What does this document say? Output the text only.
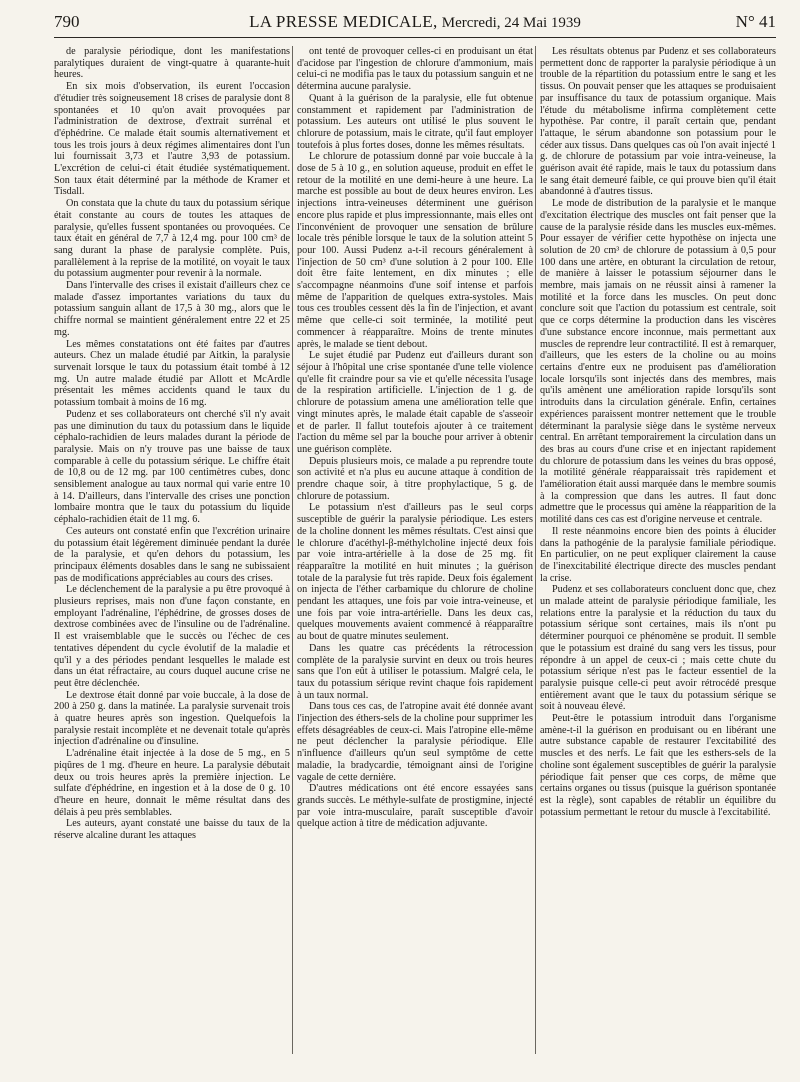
790	LA PRESSE MEDICALE, Mercredi, 24 Mai 1939	N° 41

de paralysie périodique, dont les manifestations paralytiques duraient de vingt-quatre à quarante-huit heures.

En six mois d'observation, ils eurent l'occasion d'étudier très soigneusement 18 crises de paralysie dont 8 spontanées et 10 qu'on avait provoquées par l'administration de dextrose, d'extrait surrénal et d'éphédrine. Ce malade était soumis alternativement et tous les trois jours à deux régimes alimentaires dont l'un lui fournissait 3,73 et l'autre 3,93 de potassium. L'excrétion de celui-ci était étudiée systématiquement. Son taux était déterminé par la méthode de Kramer et Tisdall.

On constata que la chute du taux du potassium sérique était constante au cours de toutes les attaques de paralysie, qu'elles fussent spontanées ou provoquées. Ce taux était en général de 7,7 à 12,4 mg. pour 100 cm³ de sang durant la phase de paralysie complète. Puis, parallèlement à la reprise de la motilité, on voyait le taux du potassium augmenter pour revenir à la normale.

Dans l'intervalle des crises il existait d'ailleurs chez ce malade d'assez importantes variations du taux du potassium sanguin allant de 17,5 à 30 mg., alors que le chiffre normal se maintient généralement entre 22 et 25 mg.

Les mêmes constatations ont été faites par d'autres auteurs. Chez un malade étudié par Aitkin, la paralysie survenait lorsque le taux du potassium était tombé à 12 mg. Un autre malade étudié par Allott et McArdle présentait les mêmes accidents quand le taux du potassium tombait à moins de 16 mg.

Pudenz et ses collaborateurs ont cherché s'il n'y avait pas une diminution du taux du potassium dans le liquide céphalo-rachidien de leurs malades durant la période de paralysie. Mais on n'y trouve pas une baisse de taux comparable à celle du potassium sérique. Le chiffre était de 10,8 ou de 12 mg. par 100 centimètres cubes, donc sensiblement analogue au taux normal qui varie entre 10 à 14. D'ailleurs, dans l'intervalle des crises une ponction lombaire montra que le taux du potassium du liquide céphalo-rachidien était de 11 mg. 6.

Ces auteurs ont constaté enfin que l'excrétion urinaire du potassium était légèrement diminuée pendant la durée de la paralysie, et qu'en dehors du potassium, les principaux éléments dosables dans le sang ne subissaient pas de modifications appréciables au cours des crises.

Le déclenchement de la paralysie a pu être provoqué à plusieurs reprises, mais non d'une façon constante, en employant l'adrénaline, l'éphédrine, de grosses doses de dextrose combinées avec de l'insuline ou de l'adrénaline. Il est vraisemblable que le succès ou l'échec de ces tentatives dépendent du cycle évolutif de la maladie et qu'il y a des périodes pendant lesquelles le malade est dans un état réfractaire, au cours duquel aucune crise ne peut être déclenchée.

Le dextrose était donné par voie buccale, à la dose de 200 à 250 g. dans la matinée. La paralysie survenait trois à quatre heures après son ingestion. Quelquefois la paralysie restait incomplète et ne devenait totale qu'après injection d'adrénaline ou d'insuline.

L'adrénaline était injectée à la dose de 5 mg., en 5 piqûres de 1 mg. d'heure en heure. La paralysie débutait deux ou trois heures après la première injection. Le sulfate d'éphédrine, en ingestion et à la dose de 0 g. 10 d'heure en heure, donnait le même résultat dans des délais à peu près semblables.

Les auteurs, ayant constaté une baisse du taux de la réserve alcaline durant les attaques

ont tenté de provoquer celles-ci en produisant un état d'acidose par l'ingestion de chlorure d'ammonium, mais celui-ci ne modifia pas le taux du potassium sanguin et ne détermina aucune paralysie.

Quant à la guérison de la paralysie, elle fut obtenue constamment et rapidement par l'administration de potassium. Les auteurs ont utilisé le plus souvent le chlorure de potassium, mais le citrate, qu'il faut employer toutefois à plus fortes doses, donne les mêmes résultats.

Le chlorure de potassium donné par voie buccale à la dose de 5 à 10 g., en solution aqueuse, produit en effet le retour de la motilité en une demi-heure à une heure. La marche est possible au bout de deux heures environ. Les injections intra-veineuses déterminent une guérison encore plus rapide et plus impressionnante, mais elles ont l'inconvénient de provoquer une sensation de brûlure locale très pénible lorsque le taux de la solution atteint 5 pour 100. Aussi Pudenz a-t-il recours généralement à l'injection de 50 cm³ d'une solution à 2 pour 100. Elle doit être faite lentement, en dix minutes ; elle s'accompagne néanmoins d'une soif intense et parfois même de l'apparition de quelques extra-systoles. Mais tous ces troubles cessent dès la fin de l'injection, et avant même que celle-ci soit terminée, la motilité peut commencer à réapparaître. Moins de trente minutes après, le malade se tient debout.

Le sujet étudié par Pudenz eut d'ailleurs durant son séjour à l'hôpital une crise spontanée d'une telle violence qu'elle fit craindre pour sa vie et qu'elle nécessita l'usage de la respiration artificielle. L'injection de 1 g. de chlorure de potassium amena une amélioration telle que vingt minutes après, le malade était capable de s'asseoir et de parler. Il fallut toutefois ajouter à ce traitement l'action du même sel par la bouche pour arriver à obtenir une guérison complète.

Depuis plusieurs mois, ce malade a pu reprendre toute son activité et n'a plus eu aucune attaque à condition de prendre chaque soir, à titre prophylactique, 5 g. de chlorure de potassium.

Le potassium n'est d'ailleurs pas le seul corps susceptible de guérir la paralysie périodique. Les esters de la choline donnent les mêmes résultats. C'est ainsi que le chlorure d'acéthyl-β-méthylcholine injecté deux fois par voie intra-artérielle à la dose de 25 mg. fit réapparaître la motilité en huit minutes ; la guérison totale de la paralysie fut très rapide. Deux fois également on injecta de l'éther carbamique du chlorure de choline pendant les attaques, une fois par voie intra-veineuse, et une fois par voie intra-artérielle. Dans les deux cas, quelques mouvements avaient commencé à réapparaître au bout de quatre minutes seulement.

Dans les quatre cas précédents la rétrocession complète de la paralysie survint en deux ou trois heures sans que l'on eût à utiliser le potassium. Malgré cela, le taux du potassium sérique revint chaque fois rapidement à un taux normal.

Dans tous ces cas, de l'atropine avait été donnée avant l'injection des éthers-sels de la choline pour supprimer les effets désagréables de ceux-ci. Mais l'atropine elle-même ne peut déclencher la paralysie périodique. Elle n'influence d'ailleurs qu'un seul symptôme de cette maladie, la bradycardie, témoignant ainsi de l'origine vagale de cette dernière.

D'autres médications ont été encore essayées sans grands succès. Le méthyle-sulfate de prostigmine, injecté par voie intra-musculaire, paraît susceptible d'avoir quelque action à titre de médication adjuvante.

Les résultats obtenus par Pudenz et ses collaborateurs permettent donc de rapporter la paralysie périodique à un trouble de la répartition du potassium entre le sang et les tissus. On pouvait penser que les attaques se produisaient par insuffisance du taux de potassium organique. Mais l'étude du métabolisme infirma complètement cette hypothèse. Par contre, il paraît certain que, pendant l'attaque, le sérum abandonne son potassium pour le céder aux tissus. Dans quelques cas où l'on avait injecté 1 g. de chlorure de potassium par voie intra-veineuse, la guérison avait été rapide, mais le taux du potassium dans le sang était demeuré faible, ce qui prouve bien qu'il était abandonné à d'autres tissus.

Le mode de distribution de la paralysie et le manque d'excitation électrique des muscles ont fait penser que la cause de la paralysie réside dans les muscles eux-mêmes. Pour essayer de vérifier cette hypothèse on injecta une solution de 20 cm³ de chlorure de potassium à 0,5 pour 100 dans une artère, en obturant la circulation de retour, de manière à laisser le potassium séjourner dans le membre, mais jamais on ne réussit ainsi à ramener la motilité et la force dans les muscles. On peut donc conclure soit que l'action du potassium est centrale, soit que ce corps détermine la production dans les viscères d'une substance encore inconnue, mais permettant aux muscles de reprendre leur contractilité. Il est à remarquer, d'ailleurs, que les esters de la choline ou au moins certains d'entre eux ne produisent pas d'amélioration locale lorsqu'ils sont injectés dans des membres, mais qu'ils amènent une amélioration rapide lorsqu'ils sont introduits dans la circulation générale. Enfin, certaines expériences paraissent montrer nettement que le trouble déterminant la paralysie siège dans le système nerveux central. En arrêtant temporairement la circulation dans un des bras au cours d'une crise et en injectant rapidement du chlorure de potassium dans les veines du bras opposé, la motilité générale réapparaissait très rapidement et l'amélioration était aussi marquée dans le membre soumis à la compression que dans les autres. Il faut donc admettre que le processus qui amène la réapparition de la motilité dans ces cas est d'origine nerveuse et centrale.

Il reste néanmoins encore bien des points à élucider dans la pathogénie de la paralysie familiale périodique. En particulier, on ne peut expliquer clairement la cause de l'inexcitabilité électrique directe des muscles pendant la crise.

Pudenz et ses collaborateurs concluent donc que, chez un malade atteint de paralysie périodique familiale, les relations entre la paralysie et la réduction du taux du potassium sérique sont certaines, mais ils n'ont pu déterminer pourquoi ce phénomène se produit. Il semble que le potassium est drainé du sang vers les tissus, pour répondre à un appel de ceux-ci ; mais cette chute du potassium sérique n'est pas le facteur essentiel de la paralysie puisque celle-ci peut avoir rétrocédé presque entièrement avant que le taux du potassium sérique se soit à nouveau élevé.

Peut-être le potassium introduit dans l'organisme amène-t-il la guérison en produisant ou en libérant une autre substance capable de restaurer l'excitabilité des muscles et des nerfs. Le fait que les esthers-sels de la choline sont également susceptibles de guérir la paralysie périodique fait penser que ces corps, de même que certains organes ou tissus (puisque la guérison spontanée est la règle), sont capables de rétablir un équilibre du potassium permettant le retour du muscle à l'excitabilité.
